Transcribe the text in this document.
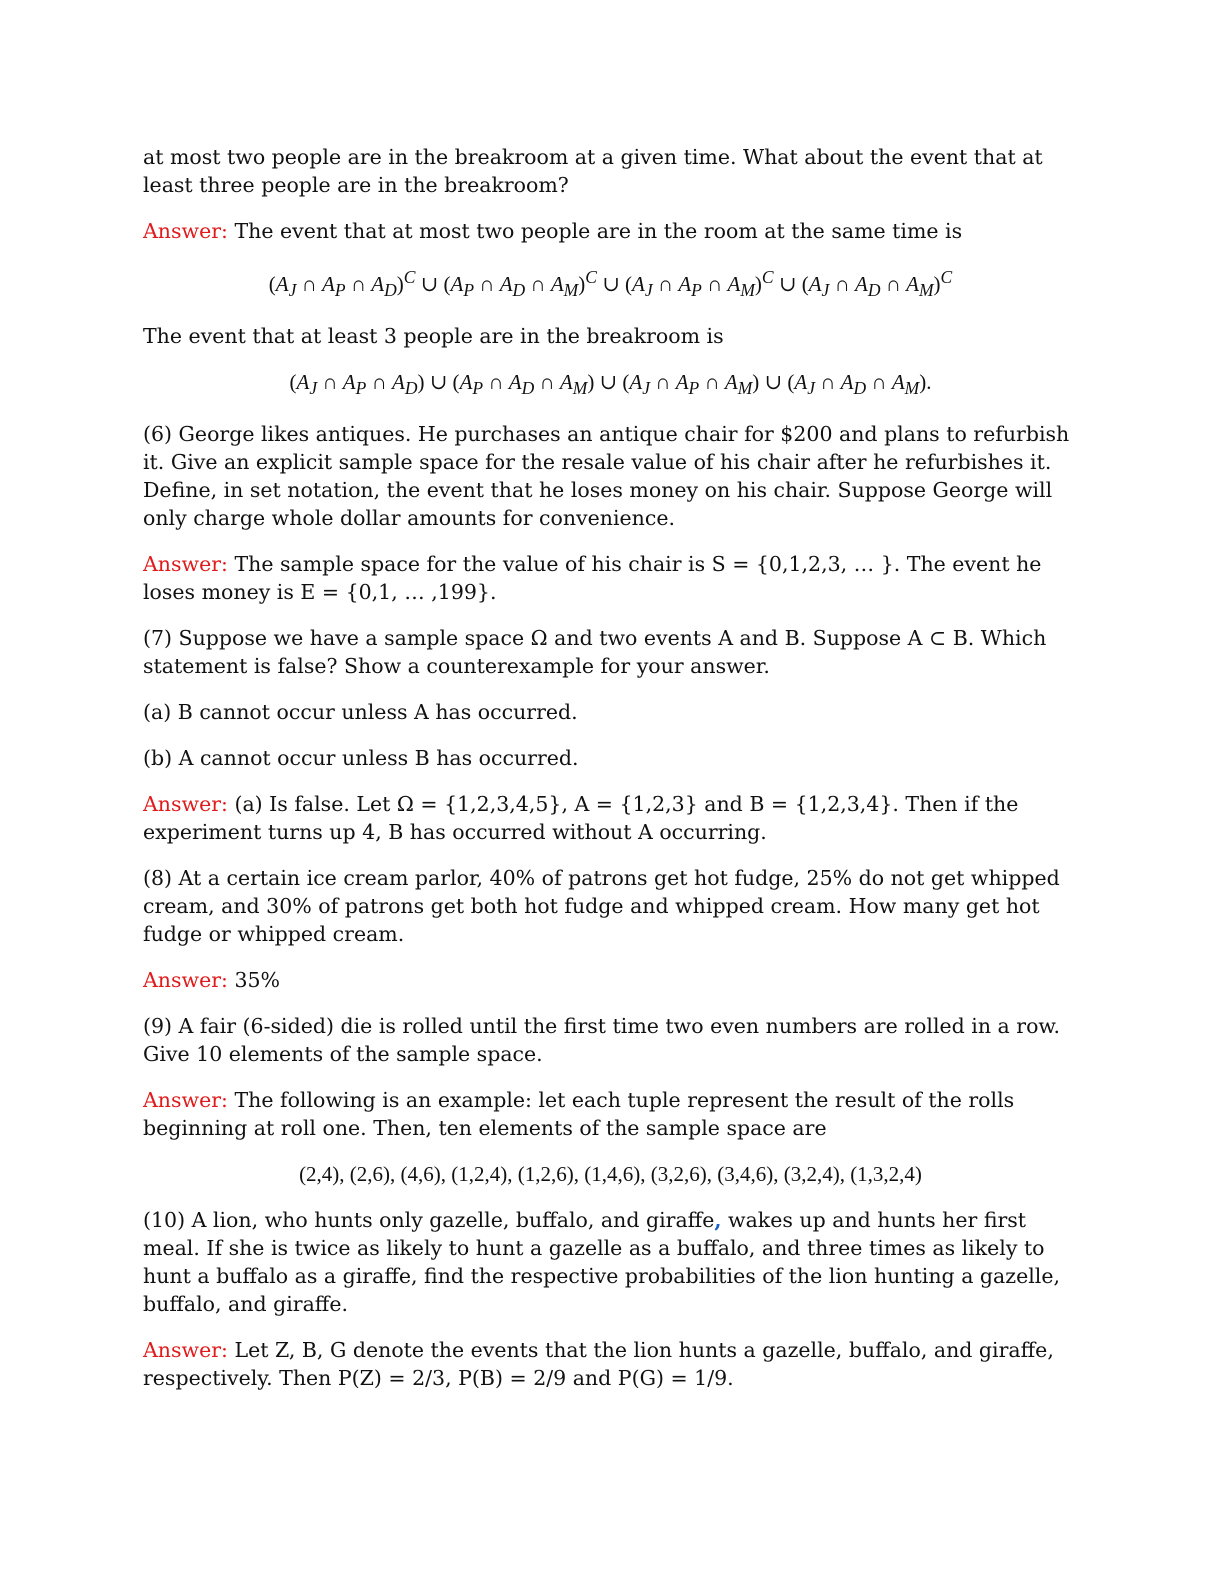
at most two people are in the breakroom at a given time. What about the event that at least three people are in the breakroom?

Answer: The event that at most two people are in the room at the same time is

($A_J$ ∩ $A_P$ ∩ $A_D)^C$ ∪ ($A_P$ ∩ $A_D$ ∩ $A_M)^C$ ∪ ($A_J$ ∩ $A_P$ ∩ $A_M)^C$ ∪ ($A_J$ ∩ $A_D$ ∩ $A_M)^C$

The event that at least 3 people are in the breakroom is

($A_J$ ∩ $A_P$ ∩ $A_D$) ∪ ($A_P$ ∩ $A_D$ ∩ $A_M$) ∪ ($A_J$ ∩ $A_P$ ∩ $A_M$) ∪ ($A_J$ ∩ $A_D$ ∩ $A_M$).

(6) George likes antiques. He purchases an antique chair for $200 and plans to refurbish it. Give an explicit sample space for the resale value of his chair after he refurbishes it. Define, in set notation, the event that he loses money on his chair. Suppose George will only charge whole dollar amounts for convenience.

Answer: The sample space for the value of his chair is S = {0,1,2,3, … }. The event he loses money is E = {0,1, … ,199}.

(7) Suppose we have a sample space Ω and two events A and B. Suppose A ⊂ B. Which statement is false? Show a counterexample for your answer.

(a) B cannot occur unless A has occurred.

(b) A cannot occur unless B has occurred.

Answer: (a) Is false. Let Ω = {1,2,3,4,5}, A = {1,2,3} and B = {1,2,3,4}. Then if the experiment turns up 4, B has occurred without A occurring.

(8) At a certain ice cream parlor, 40% of patrons get hot fudge, 25% do not get whipped cream, and 30% of patrons get both hot fudge and whipped cream. How many get hot fudge or whipped cream.

Answer: 35%

(9) A fair (6-sided) die is rolled until the first time two even numbers are rolled in a row. Give 10 elements of the sample space.

Answer: The following is an example: let each tuple represent the result of the rolls beginning at roll one. Then, ten elements of the sample space are

(2,4), (2,6), (4,6), (1,2,4), (1,2,6), (1,4,6), (3,2,6), (3,4,6), (3,2,4), (1,3,2,4)

(10) A lion, who hunts only gazelle, buffalo, and giraffe, wakes up and hunts her first meal. If she is twice as likely to hunt a gazelle as a buffalo, and three times as likely to hunt a buffalo as a giraffe, find the respective probabilities of the lion hunting a gazelle, buffalo, and giraffe.

Answer: Let Z, B, G denote the events that the lion hunts a gazelle, buffalo, and giraffe, respectively. Then P(Z) = 2/3, P(B) = 2/9 and P(G) = 1/9.
